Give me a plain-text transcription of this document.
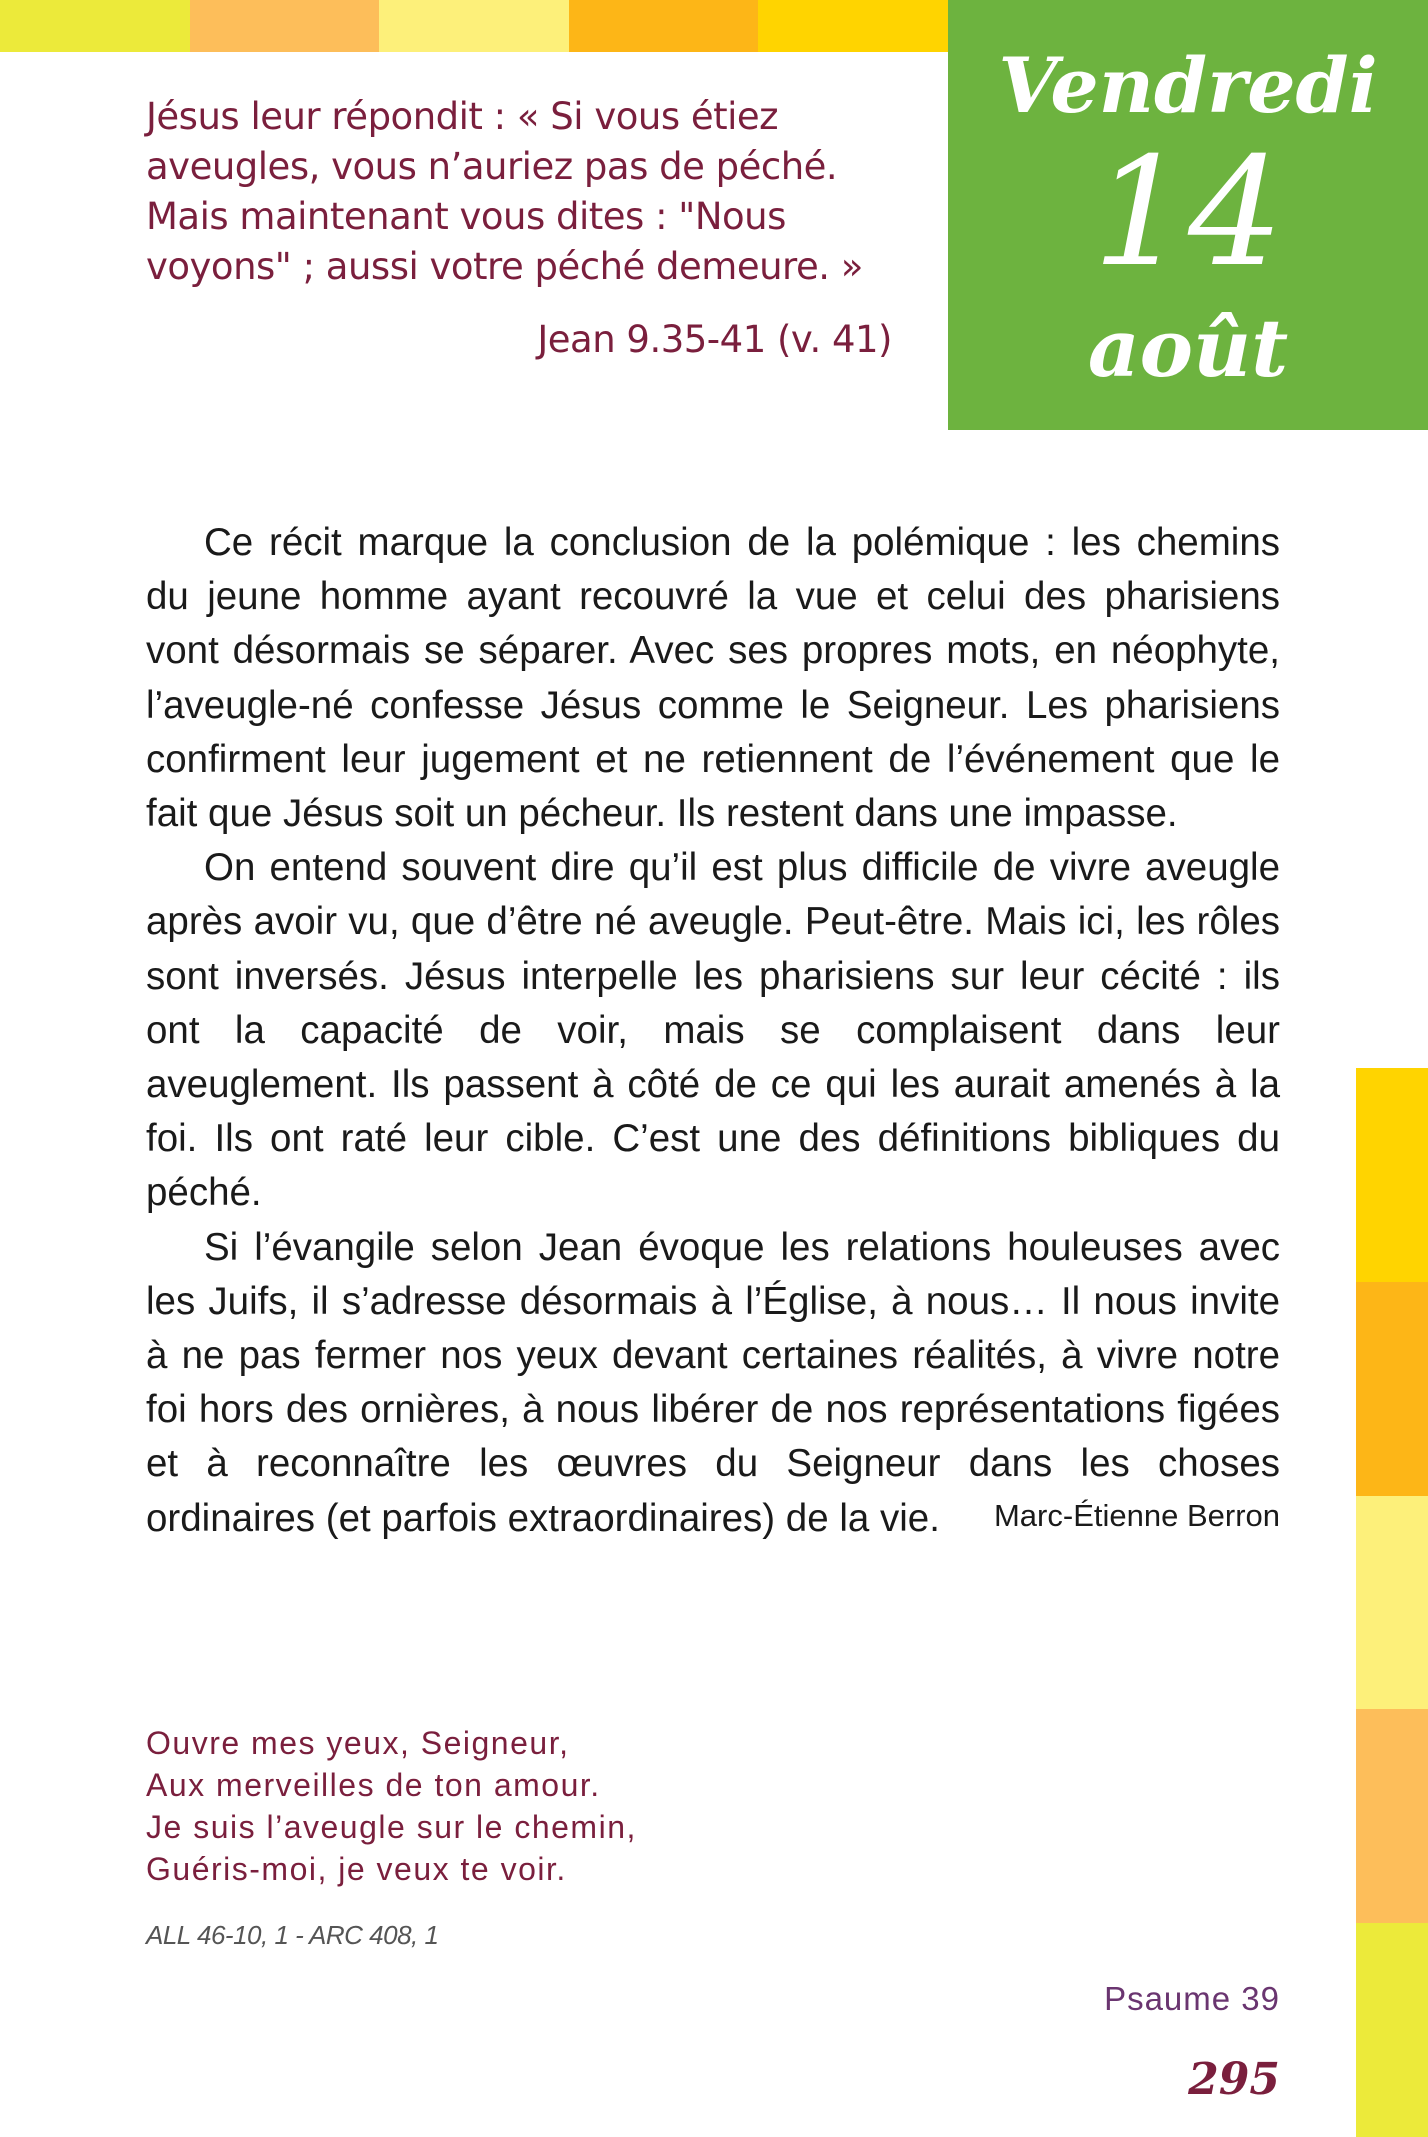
Vendredi
14
août

Jésus leur répondit : « Si vous étiez aveugles, vous n’auriez pas de péché. Mais maintenant vous dites : "Nous voyons" ; aussi votre péché demeure. »

Jean 9.35-41 (v. 41)

Ce récit marque la conclusion de la polémique : les chemins du jeune homme ayant recouvré la vue et celui des pharisiens vont désormais se séparer. Avec ses propres mots, en néophyte, l’aveugle-né confesse Jésus comme le Seigneur. Les pharisiens confirment leur jugement et ne retiennent de l’événement que le fait que Jésus soit un pécheur. Ils restent dans une impasse.

On entend souvent dire qu’il est plus difficile de vivre aveugle après avoir vu, que d’être né aveugle. Peut-être. Mais ici, les rôles sont inversés. Jésus interpelle les pharisiens sur leur cécité : ils ont la capacité de voir, mais se complaisent dans leur aveuglement. Ils passent à côté de ce qui les aurait amenés à la foi. Ils ont raté leur cible. C’est une des définitions bibliques du péché.

Si l’évangile selon Jean évoque les relations houleuses avec les Juifs, il s’adresse désormais à l’Église, à nous… Il nous invite à ne pas fermer nos yeux devant certaines réalités, à vivre notre foi hors des ornières, à nous libérer de nos représentations figées et à reconnaître les œuvres du Seigneur dans les choses ordinaires (et parfois extraordinaires) de la vie.	Marc-Étienne Berron
Ouvre mes yeux, Seigneur,
Aux merveilles de ton amour.
Je suis l’aveugle sur le chemin,
Guéris-moi, je veux te voir.
ALL 46-10, 1 - ARC 408, 1
Psaume 39
295
